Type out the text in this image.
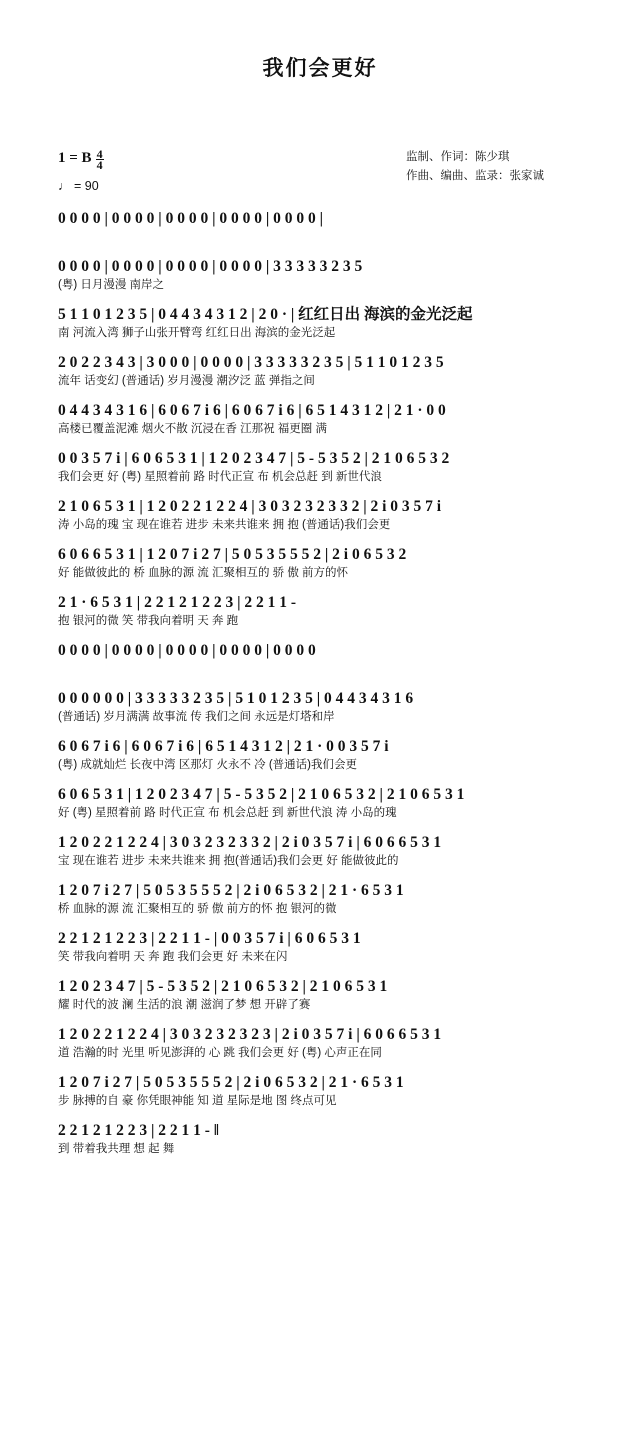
我们会更好
监制、作词：陈少琪
作曲、编曲、监录：张家诚
1 = B $\frac{4}{4}$
♩ = 90
0 0 0 0 | 0 0 0 0 | 0 0 0 0 | 0 0 0 0 | 0 0 0 0 |
0 0 0 0 | 0 0 0 0 | 0 0 0 0 | 0 0 0 0 | 3 3 3 3 3 2 3 5
(粤) 日月漫漫 南岸之
5 1 1 0 1 2 3 5 | 0 4 4 3 4 3 1 2 | 2 0 · | 红红日出 海滨的金光泛起
南 河流入湾 狮子山张开臂弯 红红日出 海滨的金光泛起
2 0 2 2 3 4 3 | 3 0 0 0 | 0 0 0 0 | 3 3 3 3 3 2 3 5 | 5 1 1 0 1 2 3 5
流年 话变幻 (普通话) 岁月漫漫 潮汐泛 蓝 弹指之间
0 4 4 3 4 3 1 6 | 6 0 6 7 i 6 | 6 0 6 7 i 6 | 6 5 1 4 3 1 2 | 2 1 · 0 0
高楼已覆盖泥滩 烟火不散 沉浸在香 江那祝 福更圈 满
0 0 3 5 7 i | 6 0 6 5 3 1 | 1 2 0 2 3 4 7 | 5 - 5 3 5 2 | 2 1 0 6 5 3 2
我们会更 好 (粤) 星照着前 路 时代正宣 布 机会总赶 到 新世代浪
2 1 0 6 5 3 1 | 1 2 0 2 2 1 2 2 4 | 3 0 3 2 3 2 3 3 2 | 2 i 0 3 5 7 i
涛 小岛的瑰 宝 现在谁若 进步 未来共谁来 拥 抱 (普通话)我们会更
6 0 6 6 5 3 1 | 1 2 0 7 i 2 7 | 5 0 5 3 5 5 5 2 | 2 i 0 6 5 3 2
好 能做彼此的 桥 血脉的源 流 汇聚相互的 骄 傲 前方的怀
2 1 · 6 5 3 1 | 2 2 1 2 1 2 2 3 | 2 2 1 1 -
抱 银河的微 笑 带我向着明 天 奔 跑
0 0 0 0 | 0 0 0 0 | 0 0 0 0 | 0 0 0 0 | 0 0 0 0
0 0 0 0 0 0 | 3 3 3 3 3 2 3 5 | 5 1 0 1 2 3 5 | 0 4 4 3 4 3 1 6
(普通话) 岁月满满 故事流 传 我们之间 永远是灯塔和岸
6 0 6 7 i 6 | 6 0 6 7 i 6 | 6 5 1 4 3 1 2 | 2 1 · 0 0 3 5 7 i
(粤) 成就灿烂 长夜中湾 区那灯 火永不 冷 (普通话)我们会更
6 0 6 5 3 1 | 1 2 0 2 3 4 7 | 5 - 5 3 5 2 | 2 1 0 6 5 3 2 | 2 1 0 6 5 3 1
好 (粤) 星照着前 路 时代正宣 布 机会总赶 到 新世代浪 涛 小岛的瑰
1 2 0 2 2 1 2 2 4 | 3 0 3 2 3 2 3 3 2 | 2 i 0 3 5 7 i | 6 0 6 6 5 3 1
宝 现在谁若 进步 未来共谁来 拥 抱(普通话)我们会更 好 能做彼此的
1 2 0 7 i 2 7 | 5 0 5 3 5 5 5 2 | 2 i 0 6 5 3 2 | 2 1 · 6 5 3 1
桥 血脉的源 流 汇聚相互的 骄 傲 前方的怀 抱 银河的微
2 2 1 2 1 2 2 3 | 2 2 1 1 - | 0 0 3 5 7 i | 6 0 6 5 3 1
笑 带我向着明 天 奔 跑 我们会更 好 未来在闪
1 2 0 2 3 4 7 | 5 - 5 3 5 2 | 2 1 0 6 5 3 2 | 2 1 0 6 5 3 1
耀 时代的波 澜 生活的浪 潮 滋润了梦 想 开辟了赛
1 2 0 2 2 1 2 2 4 | 3 0 3 2 3 2 3 2 3 | 2 i 0 3 5 7 i | 6 0 6 6 5 3 1
道 浩瀚的时 光里 听见澎湃的 心 跳 我们会更 好 (粤) 心声正在同
1 2 0 7 i 2 7 | 5 0 5 3 5 5 5 2 | 2 i 0 6 5 3 2 | 2 1 · 6 5 3 1
步 脉搏的自 豪 你凭眼神能 知 道 星际是地 图 终点可见
2 2 1 2 1 2 2 3 | 2 2 1 1 - ‖
到 带着我共理 想 起 舞
